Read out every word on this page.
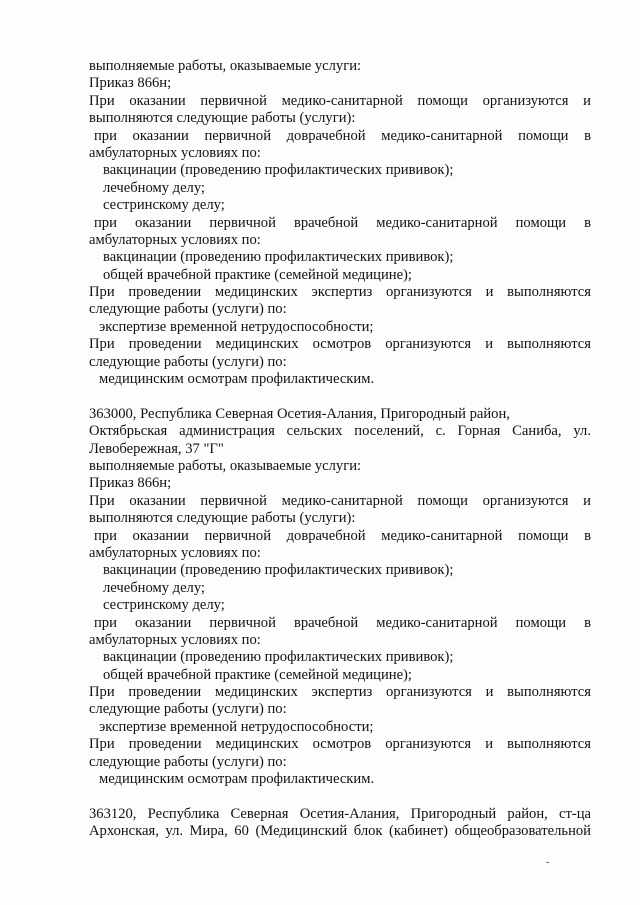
выполняемые работы, оказываемые услуги:
Приказ 866н;
При оказании первичной медико-санитарной помощи организуются и
выполняются следующие работы (услуги):
при оказании первичной доврачебной медико-санитарной помощи в
амбулаторных условиях по:
вакцинации (проведению профилактических прививок);
лечебному делу;
сестринскому делу;
при оказании первичной врачебной медико-санитарной помощи в
амбулаторных условиях по:
вакцинации (проведению профилактических прививок);
общей врачебной практике (семейной медицине);
При проведении медицинских экспертиз организуются и выполняются
следующие работы (услуги) по:
экспертизе временной нетрудоспособности;
При проведении медицинских осмотров организуются и выполняются
следующие работы (услуги) по:
медицинским осмотрам профилактическим.
363000, Республика Северная Осетия-Алания, Пригородный район,
Октябрьская администрация сельских поселений, с. Горная Саниба, ул.
Левобережная, 37 "Г"
выполняемые работы, оказываемые услуги:
Приказ 866н;
При оказании первичной медико-санитарной помощи организуются и
выполняются следующие работы (услуги):
при оказании первичной доврачебной медико-санитарной помощи в
амбулаторных условиях по:
вакцинации (проведению профилактических прививок);
лечебному делу;
сестринскому делу;
при оказании первичной врачебной медико-санитарной помощи в
амбулаторных условиях по:
вакцинации (проведению профилактических прививок);
общей врачебной практике (семейной медицине);
При проведении медицинских экспертиз организуются и выполняются
следующие работы (услуги) по:
экспертизе временной нетрудоспособности;
При проведении медицинских осмотров организуются и выполняются
следующие работы (услуги) по:
медицинским осмотрам профилактическим.
363120, Республика Северная Осетия-Алания, Пригородный район, ст-ца
Архонская, ул. Мира, 60 (Медицинский блок (кабинет) общеобразовательной
